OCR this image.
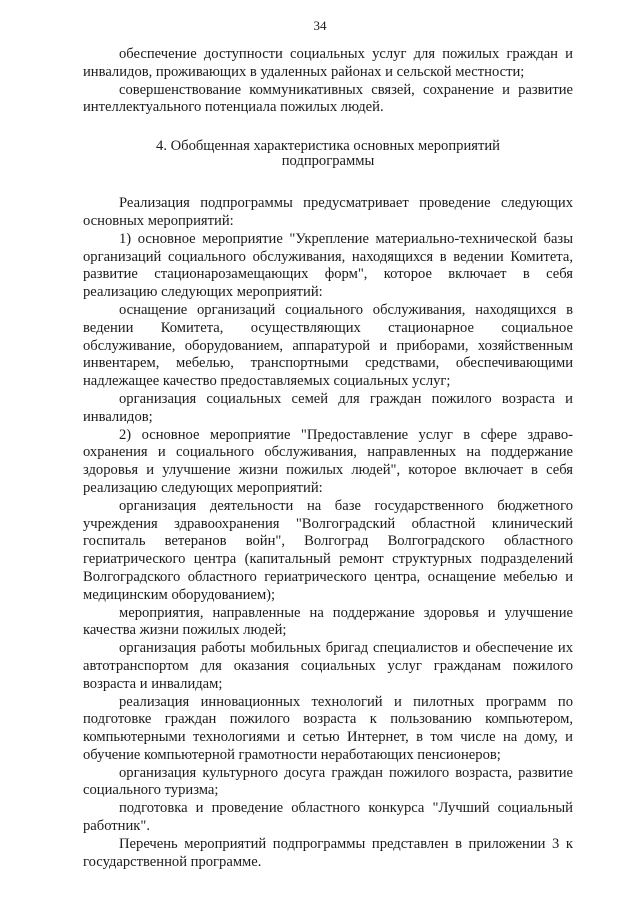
34

обеспечение доступности социальных услуг для пожилых граждан и инвалидов, проживающих в удаленных районах и сельской местности;

совершенствование коммуникативных связей, сохранение и развитие интеллектуального потенциала пожилых людей.

4. Обобщенная характеристика основных мероприятий
подпрограммы

Реализация подпрограммы предусматривает проведение следующих основных мероприятий:

1) основное мероприятие "Укрепление материально-технической базы организаций социального обслуживания, находящихся в ведении Комитета, развитие стационарозамещающих форм", которое включает в себя реализацию следующих мероприятий:

оснащение организаций социального обслуживания, находящихся в ведении Комитета, осуществляющих стационарное социальное обслуживание, оборудованием, аппаратурой и приборами, хозяйственным инвентарем, мебелью, транспортными средствами, обеспечивающими надлежащее качество предоставляемых социальных услуг;

организация социальных семей для граждан пожилого возраста и инвалидов;

2) основное мероприятие "Предоставление услуг в сфере здраво-охранения и социального обслуживания, направленных на поддержание здоровья и улучшение жизни пожилых людей", которое включает в себя реализацию следующих мероприятий:

организация деятельности на базе государственного бюджетного учреждения здравоохранения "Волгоградский областной клинический госпиталь ветеранов войн", Волгоград Волгоградского областного гериатрического центра (капитальный ремонт структурных подразделений Волгоградского областного гериатрического центра, оснащение мебелью и медицинским оборудованием);

мероприятия, направленные на поддержание здоровья и улучшение качества жизни пожилых людей;

организация работы мобильных бригад специалистов и обеспечение их автотранспортом для оказания социальных услуг гражданам пожилого возраста и инвалидам;

реализация инновационных технологий и пилотных программ по подготовке граждан пожилого возраста к пользованию компьютером, компьютерными технологиями и сетью Интернет, в том числе на дому, и обучение компьютерной грамотности неработающих пенсионеров;

организация культурного досуга граждан пожилого возраста, развитие социального туризма;

подготовка и проведение областного конкурса "Лучший социальный работник".

Перечень мероприятий подпрограммы представлен в приложении 3 к государственной программе.
